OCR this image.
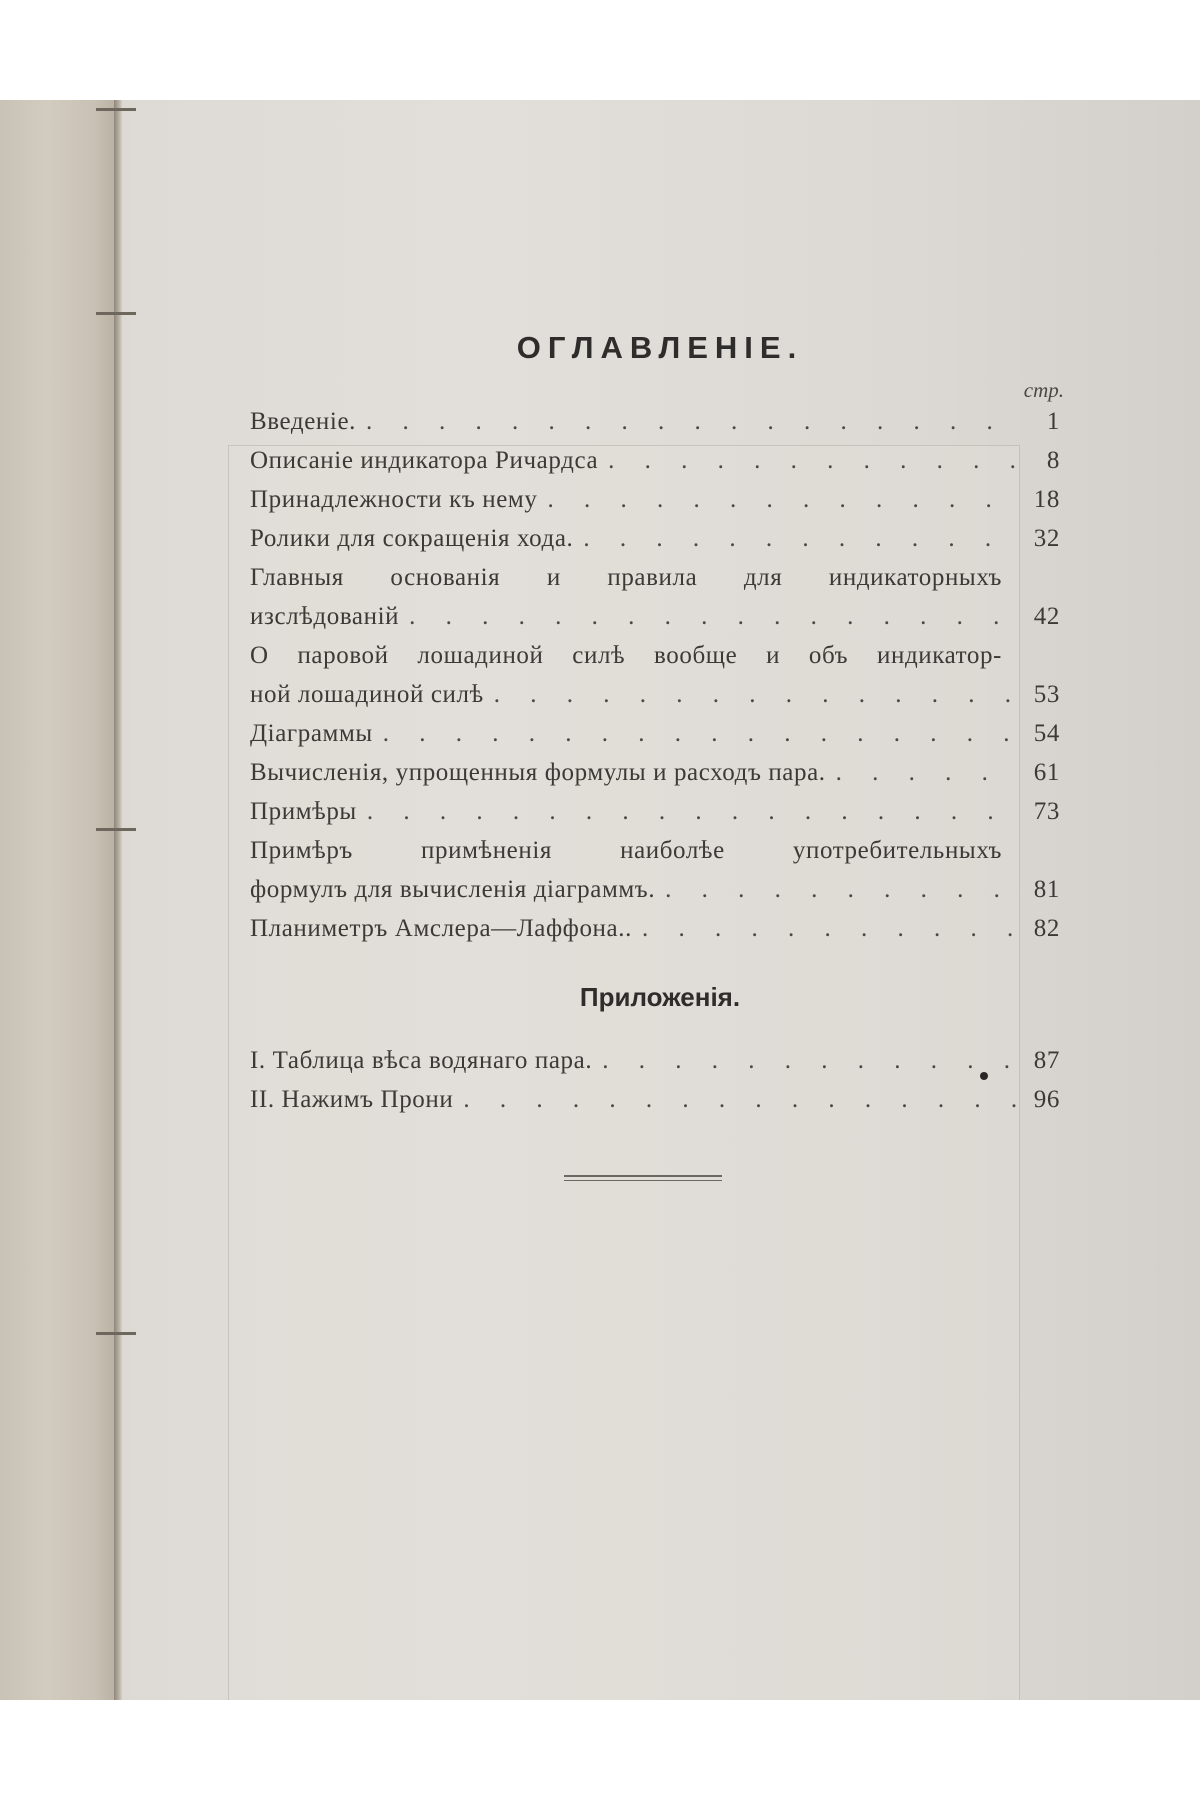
ОГЛАВЛЕНІЕ.
стр.
Введеніе. . . .	1
Описаніе индикатора Ричардса . . .	8
Принадлежности къ нему . . .	18
Ролики для сокращенія хода. . . .	32
Главныя основанія и правила для индикаторныхъ
изслѣдованій . . .	42
О паровой лошадиной силѣ вообще и объ индикатор-
ной лошадиной силѣ . . .	53
Діаграммы . . .	54
Вычисленія, упрощенныя формулы и расходъ пара. . . .	61
Примѣры . . .	73
Примѣръ примѣненія наиболѣе употребительныхъ
формулъ для вычисленія діаграммъ. . . .	81
Планиметръ Амслера—Лаффона.. . . .	82
Приложенія.
I. Таблица вѣса водянаго пара. . . .	87
II. Нажимъ Прони . . .	96
